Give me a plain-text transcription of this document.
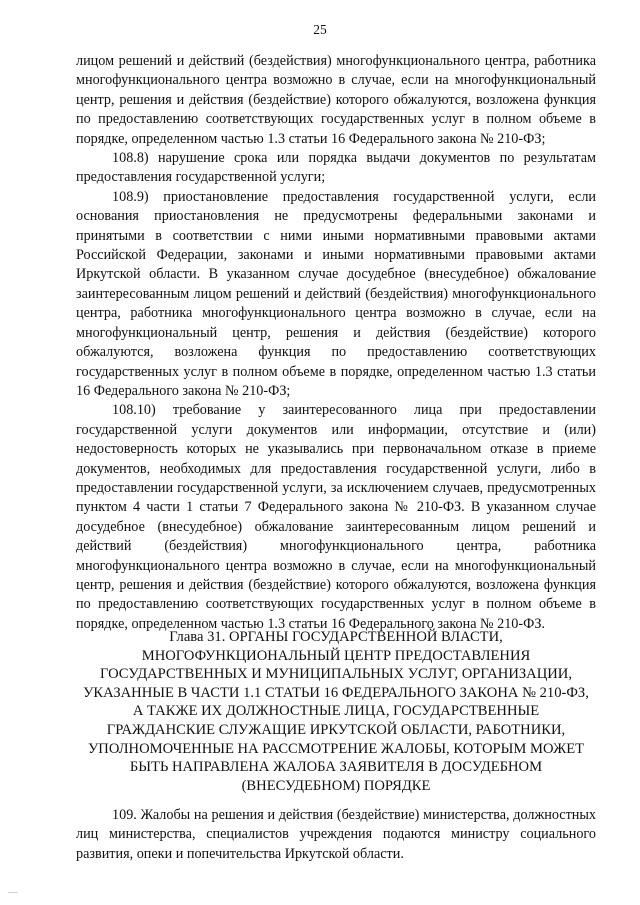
25

лицом решений и действий (бездействия) многофункционального центра, работника многофункционального центра возможно в случае, если на многофункциональный центр, решения и действия (бездействие) которого обжалуются, возложена функция по предоставлению соответствующих государственных услуг в полном объеме в порядке, определенном частью 1.3 статьи 16 Федерального закона № 210-ФЗ;

108.8) нарушение срока или порядка выдачи документов по результатам предоставления государственной услуги;

108.9) приостановление предоставления государственной услуги, если основания приостановления не предусмотрены федеральными законами и принятыми в соответствии с ними иными нормативными правовыми актами Российской Федерации, законами и иными нормативными правовыми актами Иркутской области. В указанном случае досудебное (внесудебное) обжалование заинтересованным лицом решений и действий (бездействия) многофункционального центра, работника многофункционального центра возможно в случае, если на многофункциональный центр, решения и действия (бездействие) которого обжалуются, возложена функция по предоставлению соответствующих государственных услуг в полном объеме в порядке, определенном частью 1.3 статьи 16 Федерального закона № 210-ФЗ;

108.10) требование у заинтересованного лица при предоставлении государственной услуги документов или информации, отсутствие и (или) недостоверность которых не указывались при первоначальном отказе в приеме документов, необходимых для предоставления государственной услуги, либо в предоставлении государственной услуги, за исключением случаев, предусмотренных пунктом 4 части 1 статьи 7 Федерального закона № 210-ФЗ. В указанном случае досудебное (внесудебное) обжалование заинтересованным лицом решений и действий (бездействия) многофункционального центра, работника многофункционального центра возможно в случае, если на многофункциональный центр, решения и действия (бездействие) которого обжалуются, возложена функция по предоставлению соответствующих государственных услуг в полном объеме в порядке, определенном частью 1.3 статьи 16 Федерального закона № 210-ФЗ.

Глава 31. ОРГАНЫ ГОСУДАРСТВЕННОЙ ВЛАСТИ, МНОГОФУНКЦИОНАЛЬНЫЙ ЦЕНТР ПРЕДОСТАВЛЕНИЯ ГОСУДАРСТВЕННЫХ И МУНИЦИПАЛЬНЫХ УСЛУГ, ОРГАНИЗАЦИИ, УКАЗАННЫЕ В ЧАСТИ 1.1 СТАТЬИ 16 ФЕДЕРАЛЬНОГО ЗАКОНА № 210-ФЗ, А ТАКЖЕ ИХ ДОЛЖНОСТНЫЕ ЛИЦА, ГОСУДАРСТВЕННЫЕ ГРАЖДАНСКИЕ СЛУЖАЩИЕ ИРКУТСКОЙ ОБЛАСТИ, РАБОТНИКИ, УПОЛНОМОЧЕННЫЕ НА РАССМОТРЕНИЕ ЖАЛОБЫ, КОТОРЫМ МОЖЕТ БЫТЬ НАПРАВЛЕНА ЖАЛОБА ЗАЯВИТЕЛЯ В ДОСУДЕБНОМ (ВНЕСУДЕБНОМ) ПОРЯДКЕ

109. Жалобы на решения и действия (бездействие) министерства, должностных лиц министерства, специалистов учреждения подаются министру социального развития, опеки и попечительства Иркутской области.

.....
